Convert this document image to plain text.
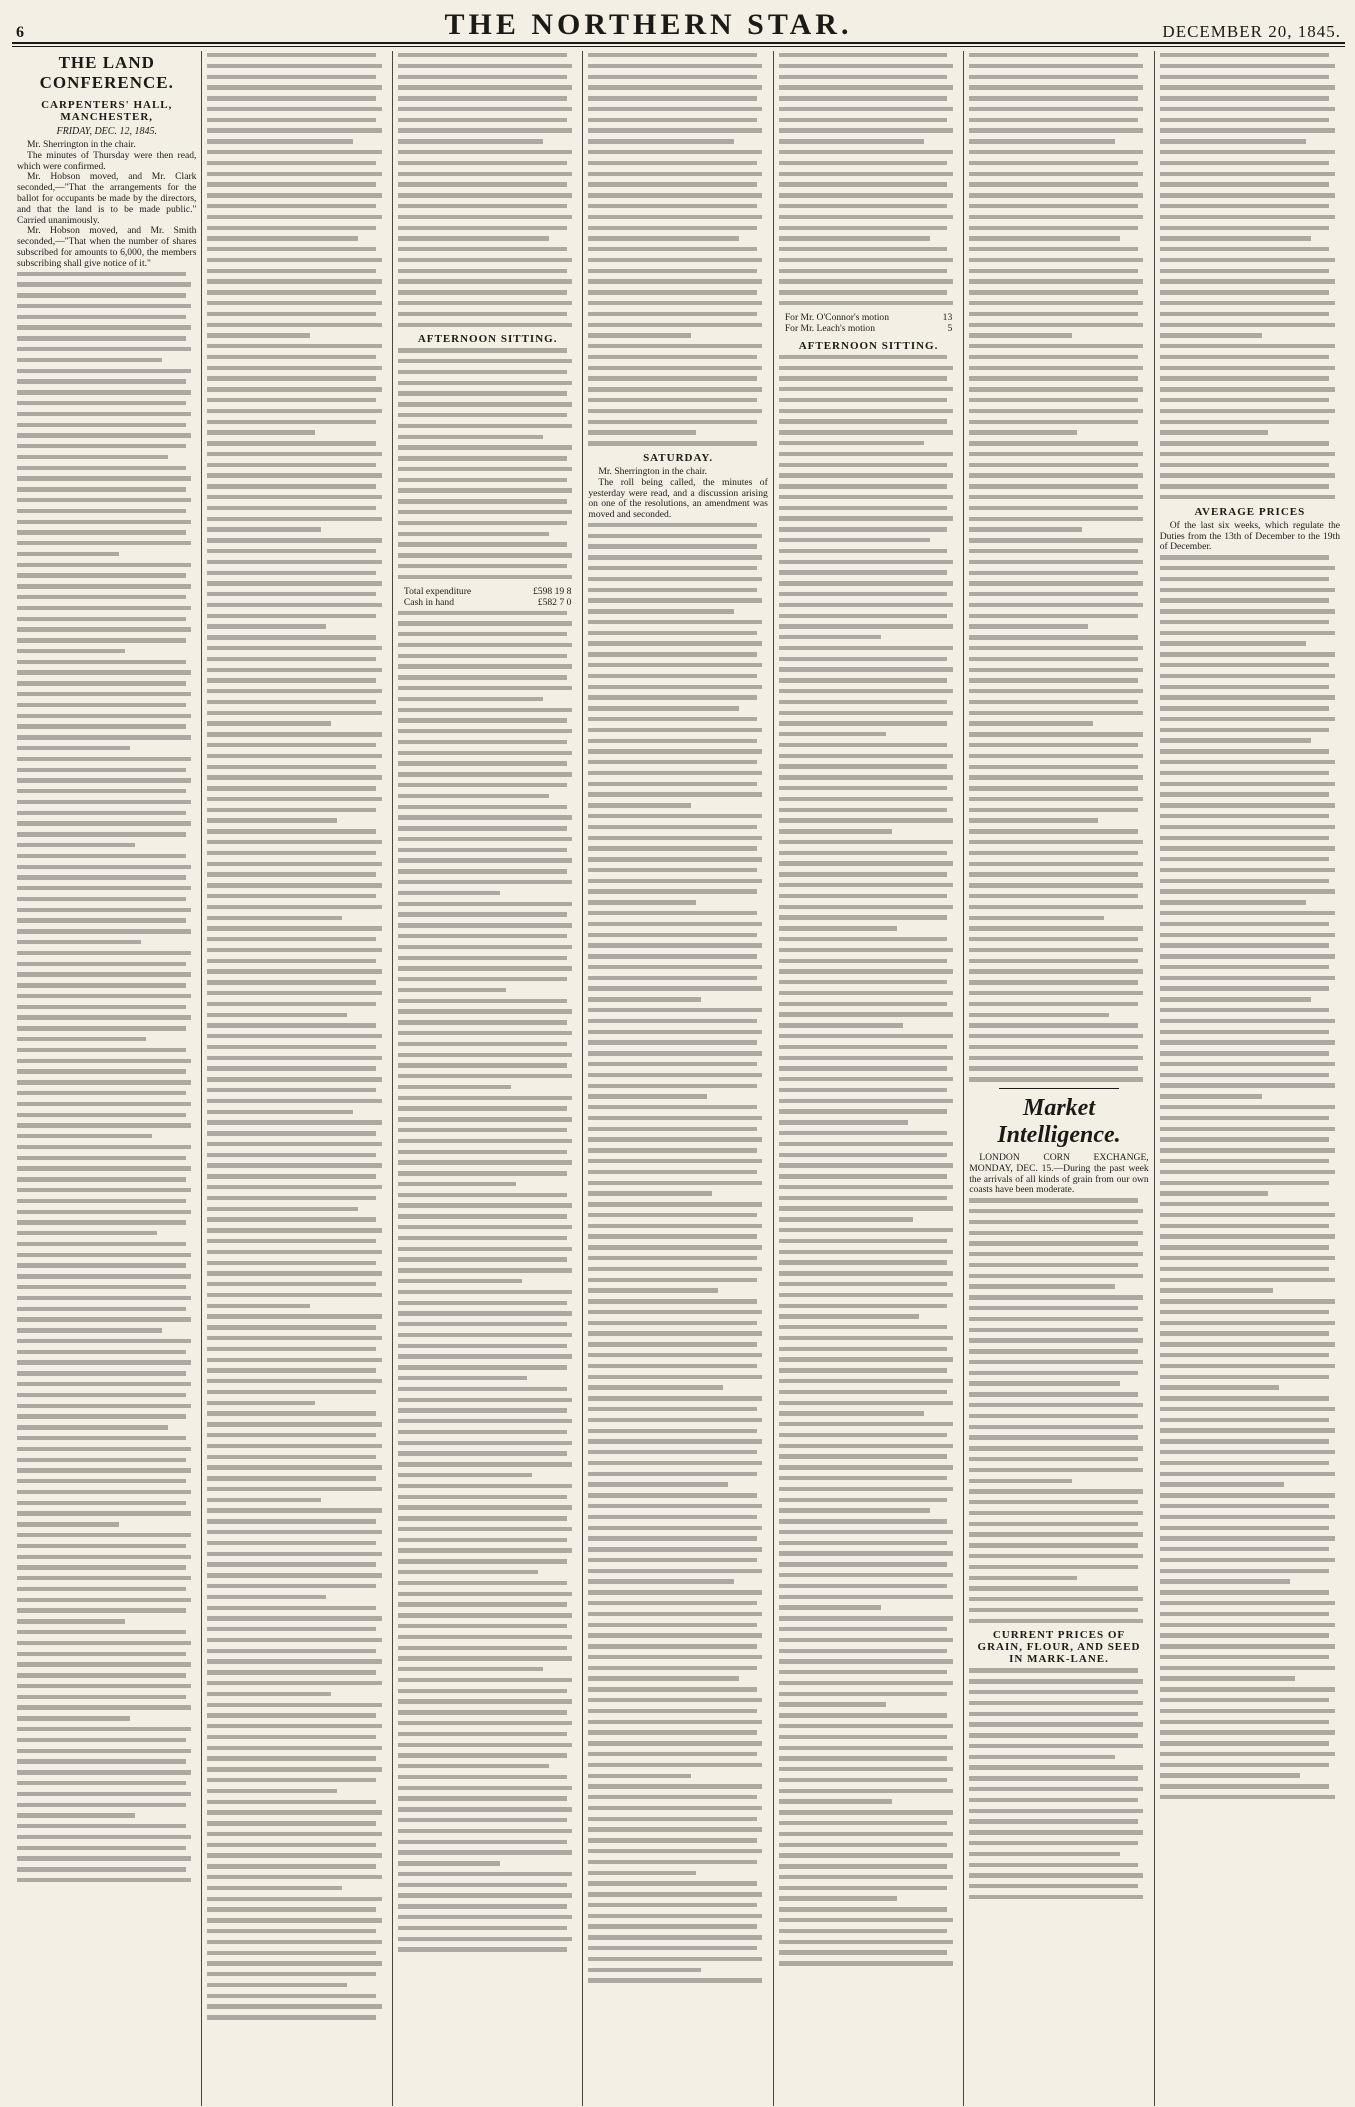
6	THE NORTHERN STAR.	DECEMBER 20, 1845.
THE LAND CONFERENCE.
CARPENTERS' HALL, MANCHESTER,
FRIDAY, DEC. 12, 1845.

Mr. Sherrington in the chair.

The minutes of Thursday were then read, which were confirmed.

Mr. Hobson moved, and Mr. Clark seconded,—"That the arrangements for the ballot for occupants be made by the directors, and that the land is to be made public." Carried unanimously.

Mr. Hobson moved, and Mr. Smith seconded,—"That when the number of shares subscribed for amounts to 6,000, the members subscribing shall give notice of it."

AFTERNOON SITTING.
Total expenditure	£598 19 8
Cash in hand	£582 7 0
SATURDAY.

Mr. Sherrington in the chair.

The roll being called, the minutes of yesterday were read, and a discussion arising on one of the resolutions, an amendment was moved and seconded.

For Mr. O'Connor's motion	13
For Mr. Leach's motion	5
AFTERNOON SITTING.
Market Intelligence.

LONDON CORN EXCHANGE, MONDAY, DEC. 15.—During the past week the arrivals of all kinds of grain from our own coasts have been moderate.

CURRENT PRICES OF GRAIN, FLOUR, AND SEED IN MARK-LANE.
AVERAGE PRICES

Of the last six weeks, which regulate the Duties from the 13th of December to the 19th of December.
